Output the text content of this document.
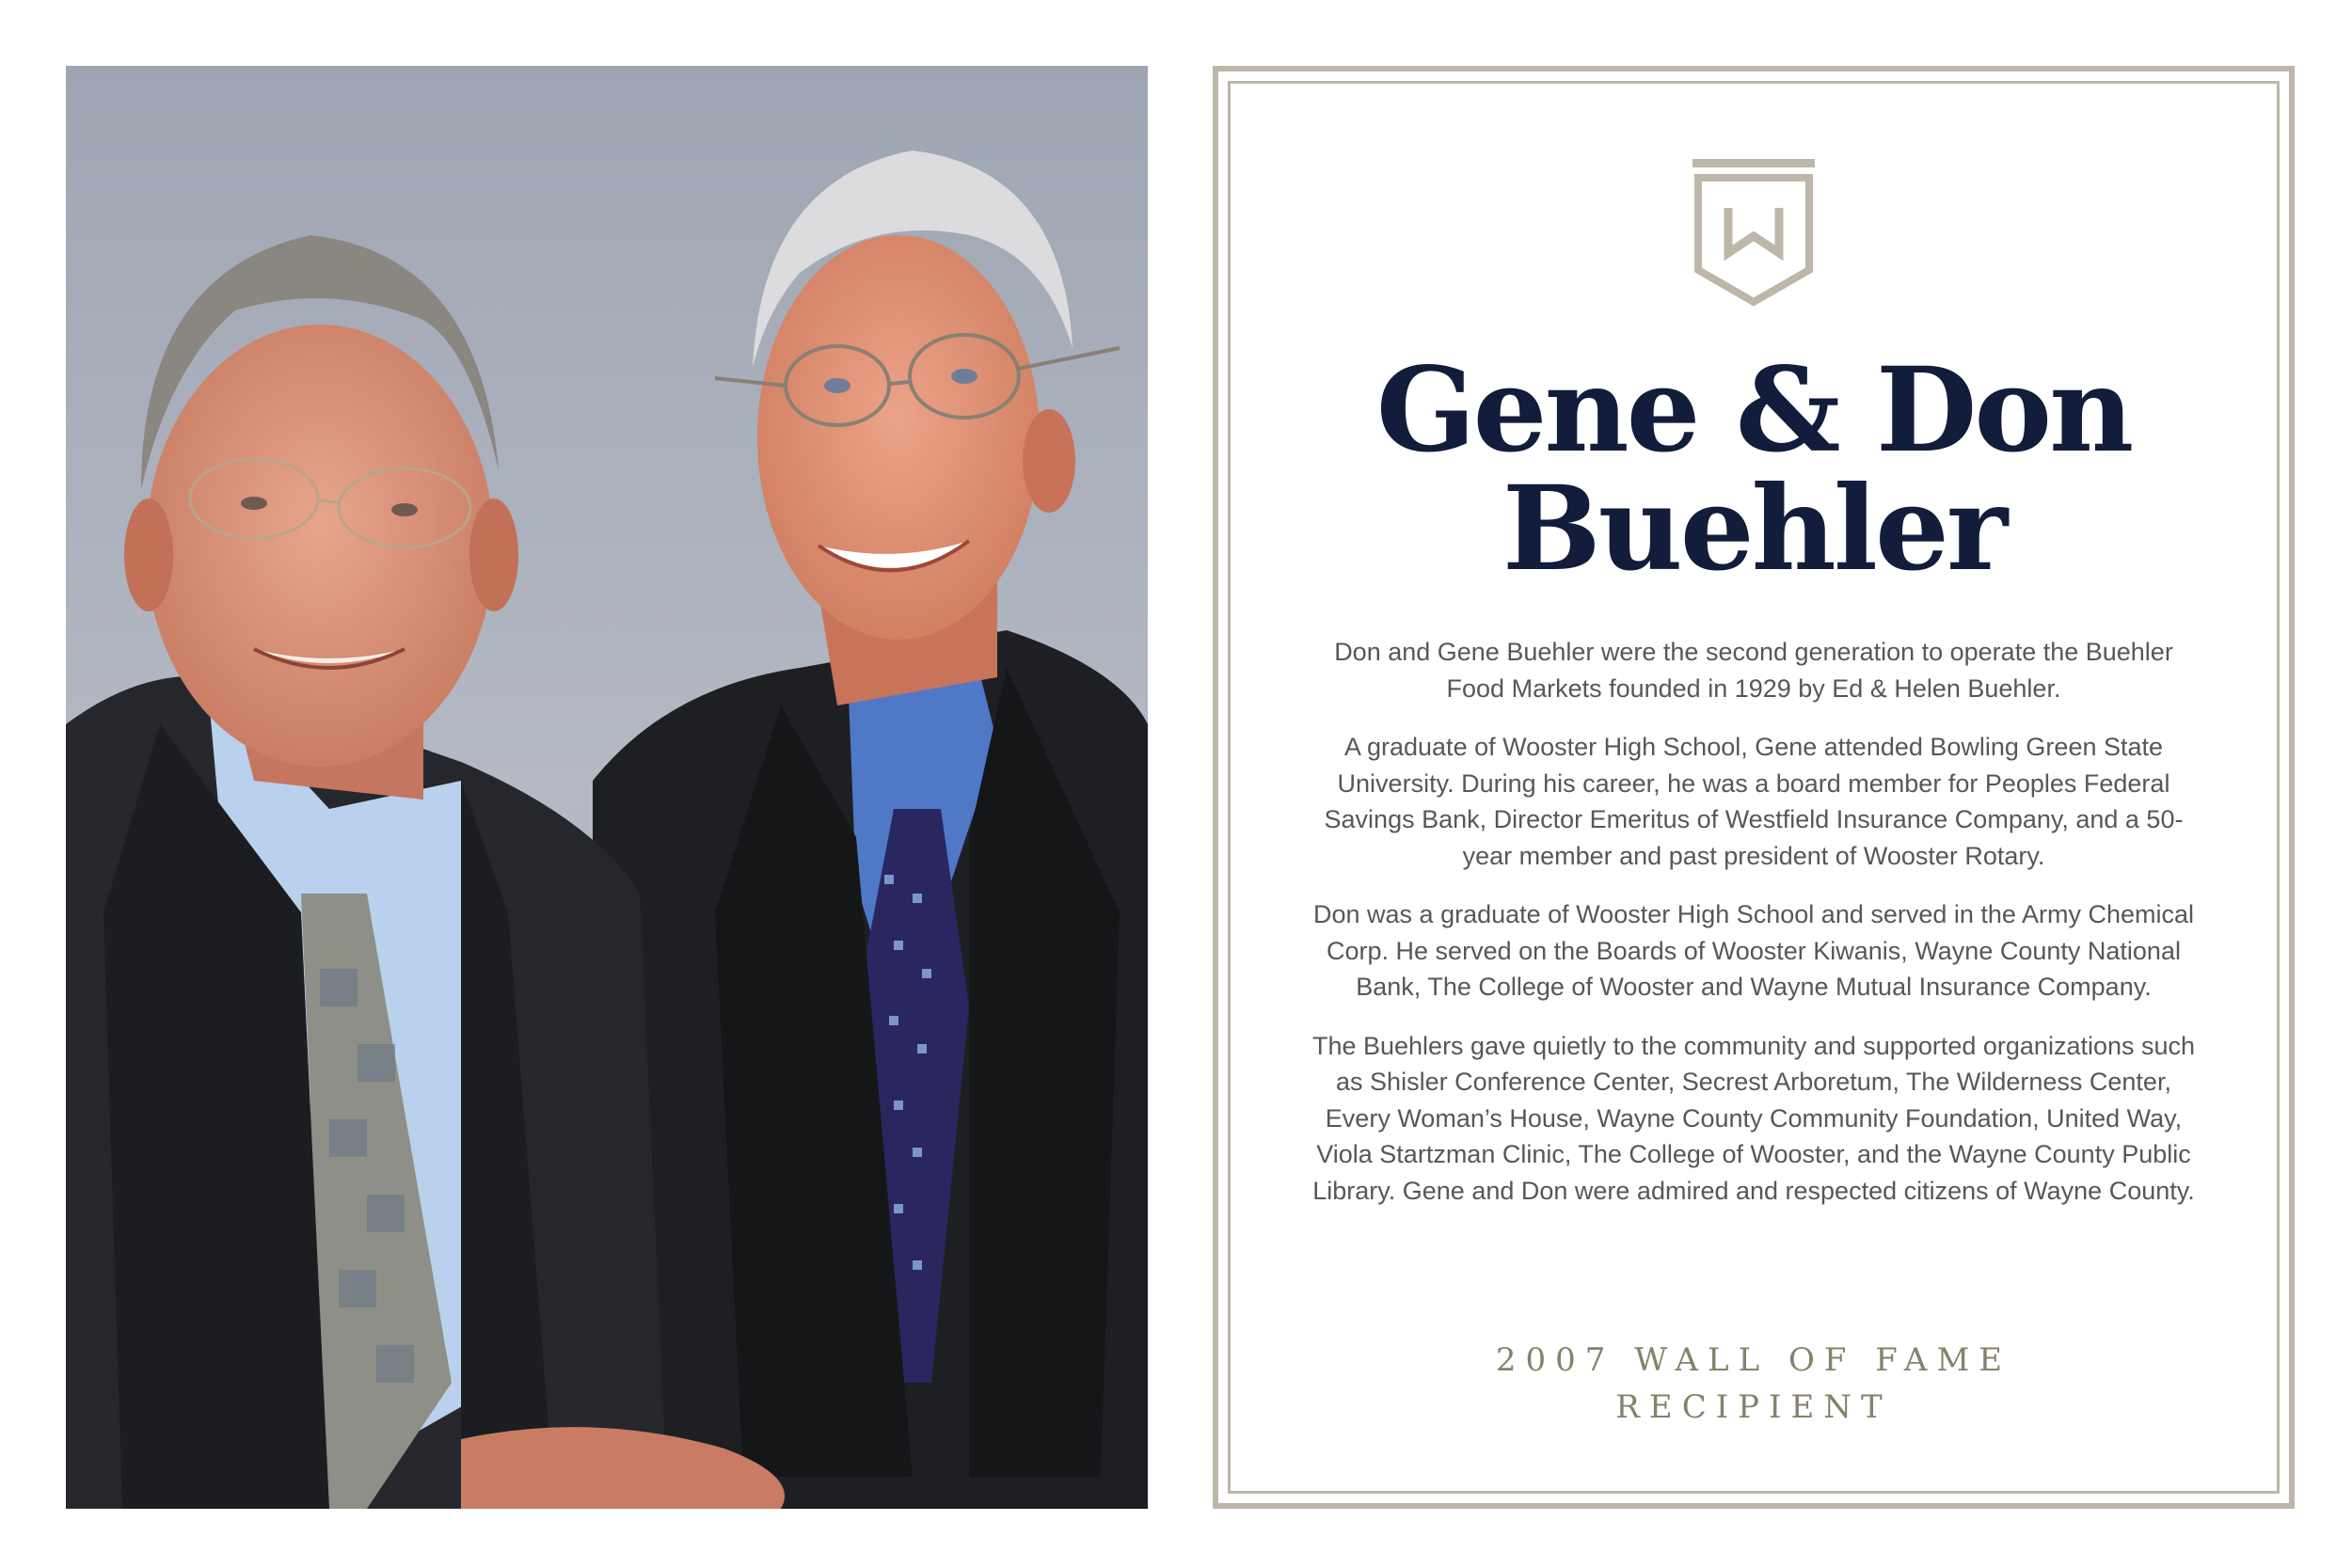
Gene & Don
Buehler

Don and Gene Buehler were the second generation to operate the Buehler Food Markets founded in 1929 by Ed & Helen Buehler.

A graduate of Wooster High School, Gene attended Bowling Green State University. During his career, he was a board member for Peoples Federal Savings Bank, Director Emeritus of Westfield Insurance Company, and a 50-year member and past president of Wooster Rotary.

Don was a graduate of Wooster High School and served in the Army Chemical Corp. He served on the Boards of Wooster Kiwanis, Wayne County National Bank, The College of Wooster and Wayne Mutual Insurance Company.

The Buehlers gave quietly to the community and supported organizations such as Shisler Conference Center, Secrest Arboretum, The Wilderness Center, Every Woman’s House, Wayne County Community Foundation, United Way, Viola Startzman Clinic, The College of Wooster, and the Wayne County Public Library. Gene and Don were admired and respected citizens of Wayne County.

2007 WALL OF FAME
RECIPIENT
